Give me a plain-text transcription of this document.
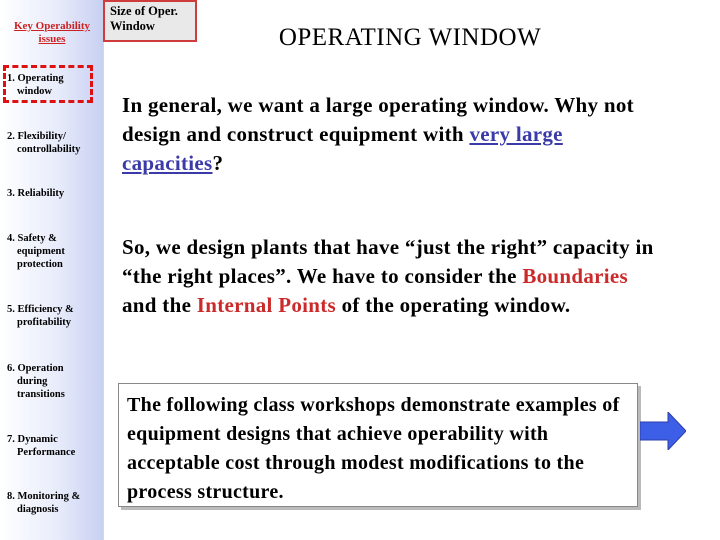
Key Operability
issues
1. Operating
window
2. Flexibility/
controllability
3. Reliability
4. Safety &
equipment
protection
5. Efficiency &
profitability
6. Operation
during
transitions
7. Dynamic
Performance
8. Monitoring &
diagnosis
Size of Oper.
Window	OPERATING WINDOW
In general, we want a large operating window. Why not design and construct equipment with very large capacities?
So, we design plants that have “just the right” capacity in “the right places”. We have to consider the Boundaries and the Internal Points of the operating window.
The following class workshops demonstrate examples of equipment designs that achieve operability with acceptable cost through modest modifications to the process structure.
